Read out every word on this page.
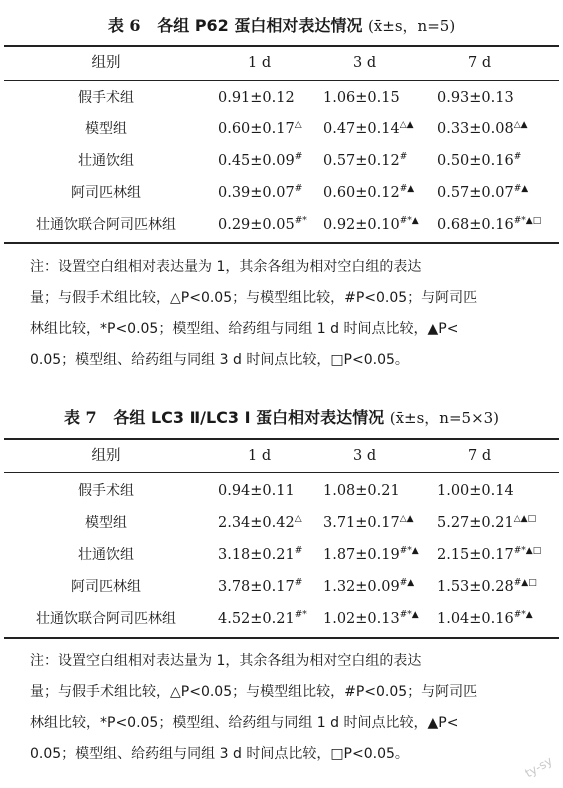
表 6 各组 P62 蛋白相对表达情况 (x̄±s，n=5)
组别	1 d	3 d	7 d
假手术组	0.91±0.12 1.06±0.15	0.93±0.13
模型组	0.60±0.17△ 0.47±0.14△▲ 0.33±0.08△▲
壮通饮组	0.45±0.09# 0.57±0.12# 0.50±0.16#
阿司匹林组	0.39±0.07# 0.60±0.12#▲ 0.57±0.07#▲
壮通饮联合阿司匹林组	0.29±0.05#* 0.92±0.10#*▲ 0.68±0.16#*▲□

注：设置空白组相对表达量为 1，其余各组为相对空白组的表达

量；与假手术组比较，△P<0.05；与模型组比较，#P<0.05；与阿司匹

林组比较，*P<0.05；模型组、给药组与同组 1 d 时间点比较，▲P<

0.05；模型组、给药组与同组 3 d 时间点比较，□P<0.05。

表 7 各组 LC3 Ⅱ/LC3 Ⅰ 蛋白相对表达情况 (x̄±s，n=5×3)
组别	1 d	3 d	7 d
假手术组	0.94±0.11 1.08±0.21	1.00±0.14
模型组	2.34±0.42△ 3.71±0.17△▲ 5.27±0.21△▲□
壮通饮组	3.18±0.21# 1.87±0.19#*▲ 2.15±0.17#*▲□
阿司匹林组	3.78±0.17# 1.32±0.09#▲ 1.53±0.28#▲□
壮通饮联合阿司匹林组	4.52±0.21#* 1.02±0.13#*▲ 1.04±0.16#*▲

注：设置空白组相对表达量为 1，其余各组为相对空白组的表达

量；与假手术组比较，△P<0.05；与模型组比较，#P<0.05；与阿司匹

林组比较，*P<0.05；模型组、给药组与同组 1 d 时间点比较，▲P<

0.05；模型组、给药组与同组 3 d 时间点比较，□P<0.05。	ty-sy
